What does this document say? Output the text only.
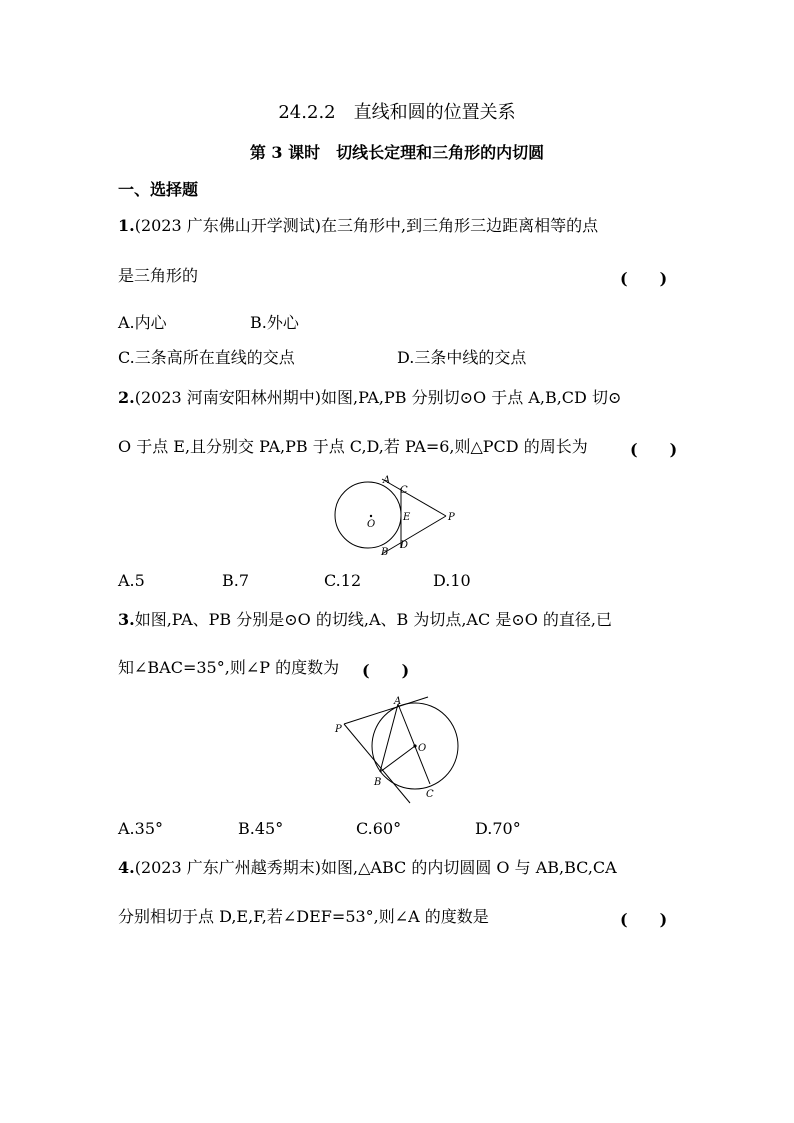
24.2.2　直线和圆的位置关系
第 3 课时　切线长定理和三角形的内切圆
一、选择题
1.(2023 广东佛山开学测试)在三角形中,到三角形三边距离相等的点
是三角形的	(　　)
A.内心	B.外心
C.三条高所在直线的交点	D.三条中线的交点
2.(2023 河南安阳林州期中)如图,PA,PB 分别切⊙O 于点 A,B,CD 切⊙
O 于点 E,且分别交 PA,PB 于点 C,D,若 PA=6,则△PCD 的周长为	(　　)
A
C
E	P
O
B
D
A.5	B.7	C.12	D.10
3.如图,PA、PB 分别是⊙O 的切线,A、B 为切点,AC 是⊙O 的直径,已
知∠BAC=35°,则∠P 的度数为 (　　)
A
P
O
B
C
A.35°	B.45°	C.60°	D.70°
4.(2023 广东广州越秀期末)如图,△ABC 的内切圆圆 O 与 AB,BC,CA
分别相切于点 D,E,F,若∠DEF=53°,则∠A 的度数是	(　　)
